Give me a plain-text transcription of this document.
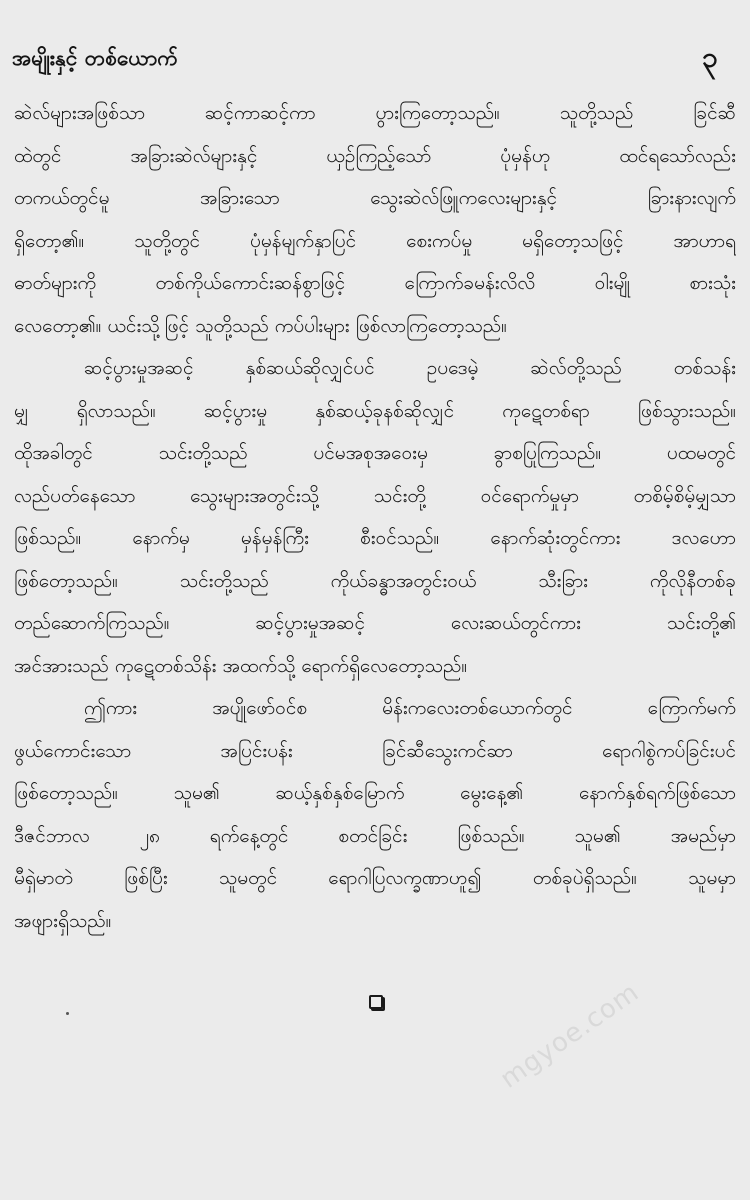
အမျိုးနှင့် တစ်ယောက်	၃
ဆဲလ်များအဖြစ်သာ ဆင့်ကာဆင့်ကာ ပွားကြတော့သည်။ သူတို့သည် ခြင်ဆီ
ထဲတွင် အခြားဆဲလ်များနှင့် ယှဉ်ကြည့်သော် ပုံမှန်ဟု ထင်ရသော်လည်း
တကယ်တွင်မူ အခြားသော သွေးဆဲလ်ဖြူကလေးများနှင့် ခြားနားလျက်
ရှိတော့၏။ သူတို့တွင် ပုံမှန်မျက်နှာပြင် စေးကပ်မှု မရှိတော့သဖြင့် အာဟာရ
ဓာတ်များကို တစ်ကိုယ်ကောင်းဆန်စွာဖြင့် ကြောက်ခမန်းလိလိ ဝါးမျို စားသုံး
လေတော့၏။ ယင်းသို့ဖြင့် သူတို့သည် ကပ်ပါးများ ဖြစ်လာကြတော့သည်။
ဆင့်ပွားမှုအဆင့် နှစ်ဆယ်ဆိုလျှင်ပင် ဥပဒေမဲ့ ဆဲလ်တို့သည် တစ်သန်း
မျှ ရှိလာသည်။ ဆင့်ပွားမှု နှစ်ဆယ့်ခုနစ်ဆိုလျှင် ကုဋေတစ်ရာ ဖြစ်သွားသည်။
ထိုအခါတွင် သင်းတို့သည် ပင်မအစုအဝေးမှ ခွာစပြုကြသည်။ ပထမတွင်
လည်ပတ်နေသော သွေးများအတွင်းသို့ သင်းတို့ ဝင်ရောက်မှုမှာ တစိမ့်စိမ့်မျှသာ
ဖြစ်သည်။ နောက်မှ မှန်မှန်ကြီး စီးဝင်သည်။ နောက်ဆုံးတွင်ကား ဒလဟော
ဖြစ်တော့သည်။ သင်းတို့သည် ကိုယ်ခန္ဓာအတွင်းဝယ် သီးခြား ကိုလိုနီတစ်ခု
တည်ဆောက်ကြသည်။ ဆင့်ပွားမှုအဆင့် လေးဆယ်တွင်ကား သင်းတို့၏
အင်အားသည် ကုဋေတစ်သိန်း အထက်သို့ ရောက်ရှိလေတော့သည်။
ဤကား အပျိုဖော်ဝင်စ မိန်းကလေးတစ်ယောက်တွင် ကြောက်မက်
ဖွယ်ကောင်းသော အပြင်းပန်း ခြင်ဆီသွေးကင်ဆာ ရောဂါစွဲကပ်ခြင်းပင်
ဖြစ်တော့သည်။ သူမ၏ ဆယ့်နှစ်နှစ်မြောက် မွေးနေ့၏ နောက်နှစ်ရက်ဖြစ်သော
ဒီဇင်ဘာလ ၂၈ ရက်နေ့တွင် စတင်ခြင်း ဖြစ်သည်။ သူမ၏ အမည်မှာ
မီရှဲမာတဲ ဖြစ်ပြီး သူမတွင် ရောဂါပြလက္ခဏာဟူ၍ တစ်ခုပဲရှိသည်။ သူမမှာ
အဖျားရှိသည်။
mgyoe.com
